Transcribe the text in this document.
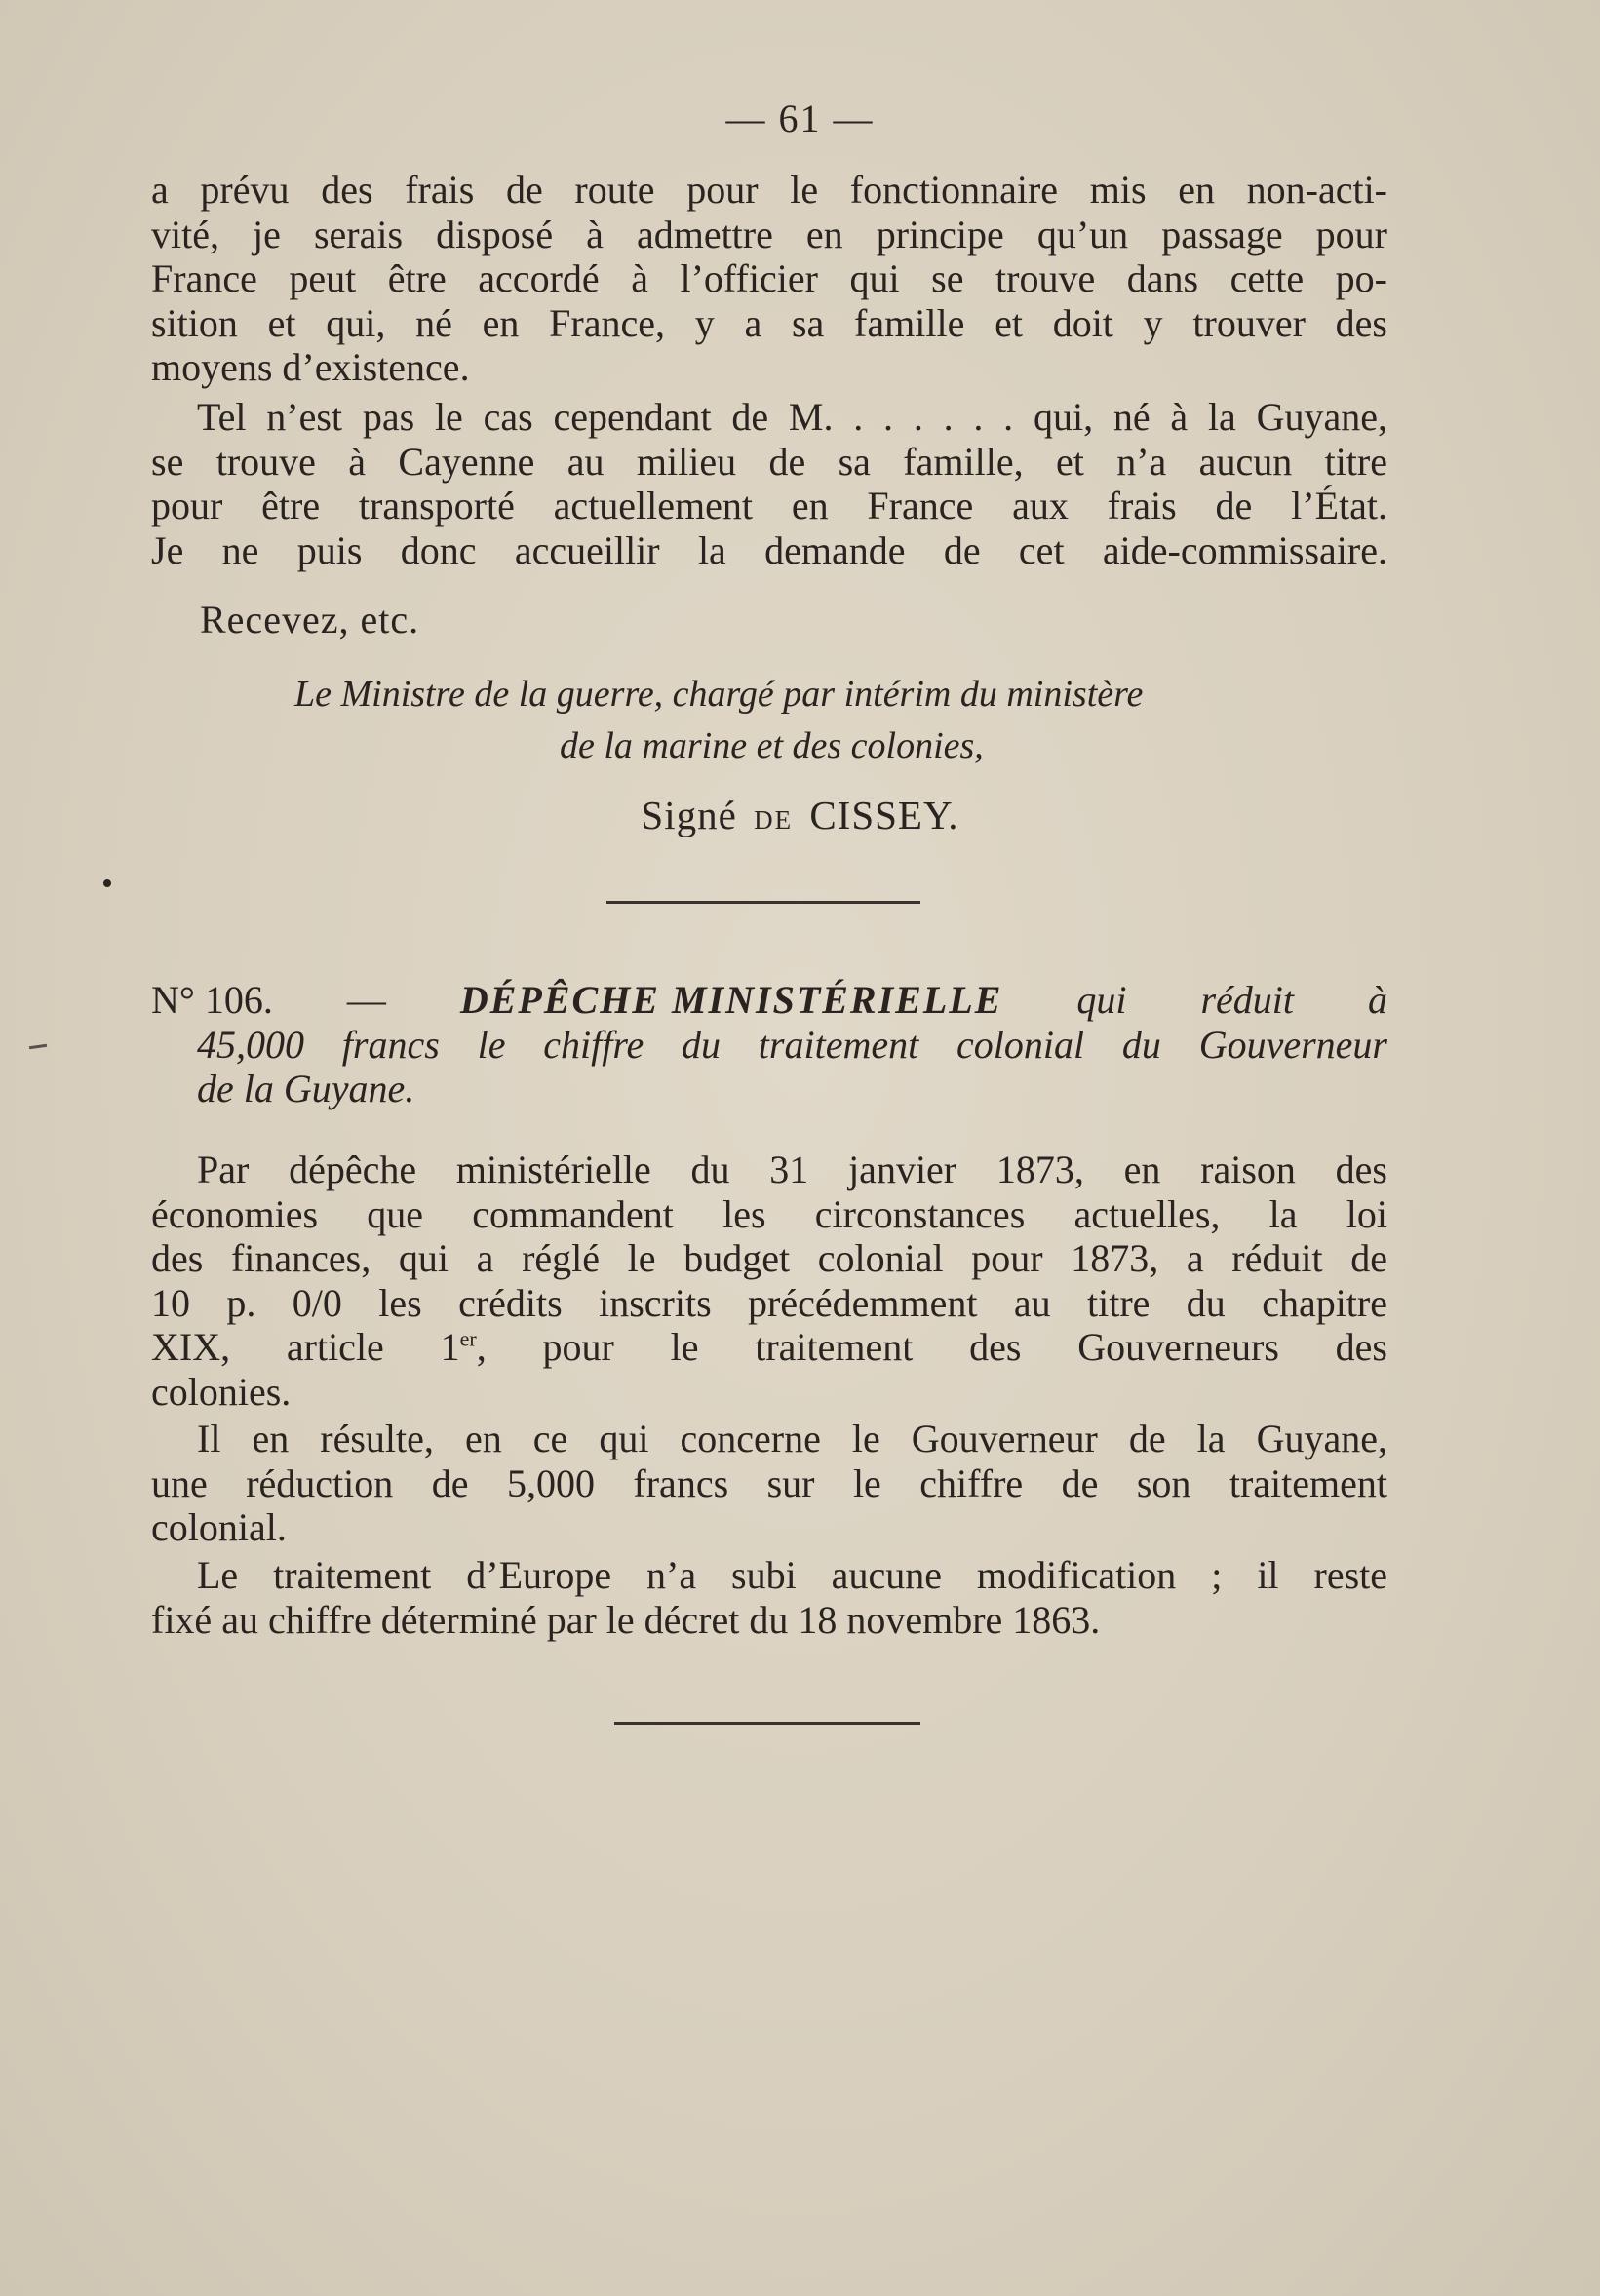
— 61 —
a prévu des frais de route pour le fonctionnaire mis en non-acti-
vité, je serais disposé à admettre en principe qu’un passage pour
France peut être accordé à l’officier qui se trouve dans cette po-
sition et qui, né en France, y a sa famille et doit y trouver des
moyens d’existence.
Tel n’est pas le cas cependant de M. . . . . . . qui, né à la Guyane,
se trouve à Cayenne au milieu de sa famille, et n’a aucun titre
pour être transporté actuellement en France aux frais de l’État.
Je ne puis donc accueillir la demande de cet aide-commissaire.
Recevez, etc.
Le Ministre de la guerre, chargé par intérim du ministère
de la marine et des colonies,
Signé DE CISSEY.
N° 106. — DÉPÊCHE MINISTÉRIELLE qui réduit à
45,000 francs le chiffre du traitement colonial du Gouverneur
de la Guyane.
Par dépêche ministérielle du 31 janvier 1873, en raison des
économies que commandent les circonstances actuelles, la loi
des finances, qui a réglé le budget colonial pour 1873, a réduit de
10 p. 0/0 les crédits inscrits précédemment au titre du chapitre
XIX, article 1er, pour le traitement des Gouverneurs des
colonies.
Il en résulte, en ce qui concerne le Gouverneur de la Guyane,
une réduction de 5,000 francs sur le chiffre de son traitement
colonial.
Le traitement d’Europe n’a subi aucune modification ; il reste
fixé au chiffre déterminé par le décret du 18 novembre 1863.
